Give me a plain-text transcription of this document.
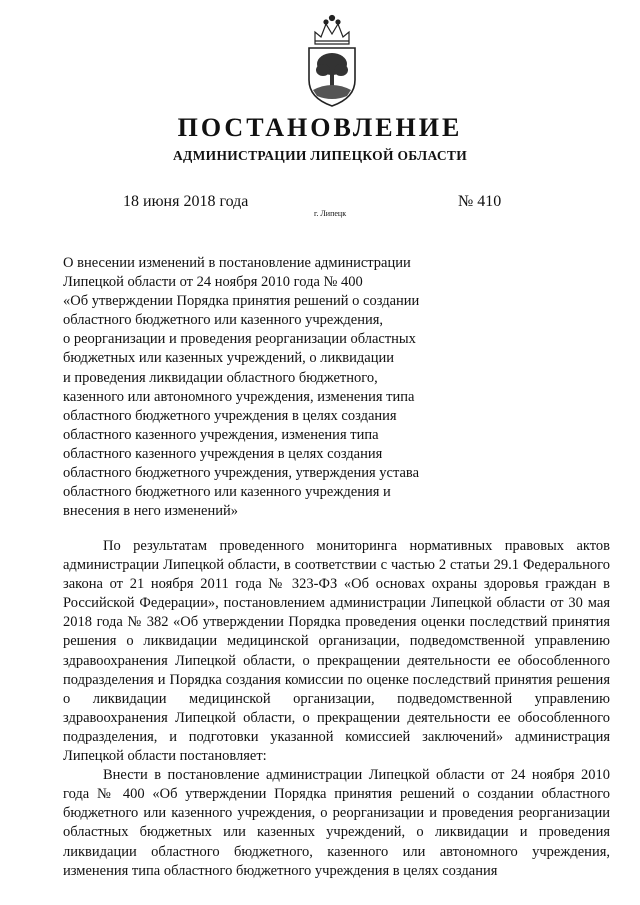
ПОСТАНОВЛЕНИЕ
АДМИНИСТРАЦИИ ЛИПЕЦКОЙ ОБЛАСТИ
18 июня 2018 года
г. Липецк
№ 410
О внесении изменений в постановление администрации
Липецкой области от 24 ноября 2010 года № 400
«Об утверждении Порядка принятия решений о создании
областного бюджетного или казенного учреждения,
о реорганизации и проведения реорганизации областных
бюджетных или казенных учреждений, о ликвидации
и проведения ликвидации областного бюджетного,
казенного или автономного учреждения, изменения типа
областного бюджетного учреждения в целях создания
областного казенного учреждения, изменения типа
областного казенного учреждения в целях создания
областного бюджетного учреждения, утверждения устава
областного бюджетного или казенного учреждения и
внесения в него изменений»

По результатам проведенного мониторинга нормативных правовых актов администрации Липецкой области, в соответствии с частью 2 статьи 29.1 Федерального закона от 21 ноября 2011 года № 323-ФЗ «Об основах охраны здоровья граждан в Российской Федерации», постановлением администрации Липецкой области от 30 мая 2018 года № 382 «Об утверждении Порядка проведения оценки последствий принятия решения о ликвидации медицинской организации, подведомственной управлению здравоохранения Липецкой области, о прекращении деятельности ее обособленного подразделения и Порядка создания комиссии по оценке последствий принятия решения о ликвидации медицинской организации, подведомственной управлению здравоохранения Липецкой области, о прекращении деятельности ее обособленного подразделения, и подготовки указанной комиссией заключений» администрация Липецкой области постановляет:

Внести в постановление администрации Липецкой области от 24 ноября 2010 года № 400 «Об утверждении Порядка принятия решений о создании областного бюджетного или казенного учреждения, о реорганизации и проведения реорганизации областных бюджетных или казенных учреждений, о ликвидации и проведения ликвидации областного бюджетного, казенного или автономного учреждения, изменения типа областного бюджетного учреждения в целях создания
